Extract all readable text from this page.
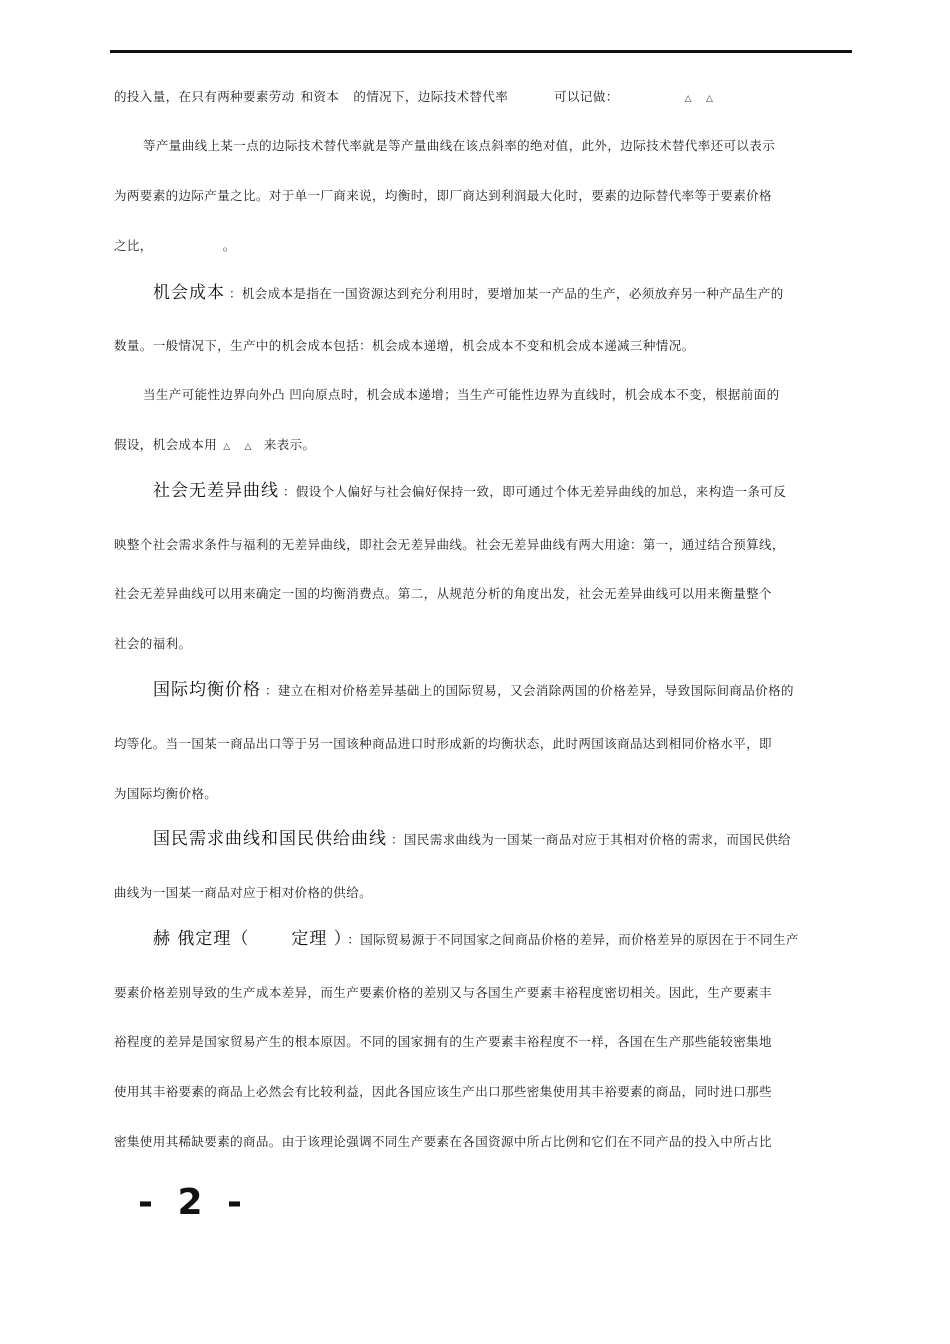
的投入量，在只有两种要素劳动 和资本 的情况下，边际技术替代率	可以记做：	△ △
等产量曲线上某一点的边际技术替代率就是等产量曲线在该点斜率的绝对值，此外，边际技术替代率还可以表示
为两要素的边际产量之比。对于单一厂商来说，均衡时，即厂商达到利润最大化时，要素的边际替代率等于要素价格
之比，	。
机会成本 ：机会成本是指在一国资源达到充分利用时，要增加某一产品的生产，必须放弃另一种产品生产的
数量。一般情况下，生产中的机会成本包括：机会成本递增，机会成本不变和机会成本递减三种情况。
当生产可能性边界向外凸 凹向原点时，机会成本递增；当生产可能性边界为直线时，机会成本不变，根据前面的
假设，机会成本用 △ △ 来表示。
社会无差异曲线 ：假设个人偏好与社会偏好保持一致，即可通过个体无差异曲线的加总，来构造一条可反
映整个社会需求条件与福利的无差异曲线，即社会无差异曲线。社会无差异曲线有两大用途：第一，通过结合预算线，
社会无差异曲线可以用来确定一国的均衡消费点。第二，从规范分析的角度出发，社会无差异曲线可以用来衡量整个
社会的福利。
国际均衡价格 ：建立在相对价格差异基础上的国际贸易，又会消除两国的价格差异，导致国际间商品价格的
均等化。当一国某一商品出口等于另一国该种商品进口时形成新的均衡状态，此时两国该商品达到相同价格水平，即
为国际均衡价格。
国民需求曲线和国民供给曲线 ：国民需求曲线为一国某一商品对应于其相对价格的需求，而国民供给
曲线为一国某一商品对应于相对价格的供给。
赫 俄定理（ 定理 ） ：国际贸易源于不同国家之间商品价格的差异，而价格差异的原因在于不同生产
要素价格差别导致的生产成本差异，而生产要素价格的差别又与各国生产要素丰裕程度密切相关。因此，生产要素丰
裕程度的差异是国家贸易产生的根本原因。不同的国家拥有的生产要素丰裕程度不一样，各国在生产那些能较密集地
使用其丰裕要素的商品上必然会有比较利益，因此各国应该生产出口那些密集使用其丰裕要素的商品，同时进口那些
密集使用其稀缺要素的商品。由于该理论强调不同生产要素在各国资源中所占比例和它们在不同产品的投入中所占比
- 2 -
